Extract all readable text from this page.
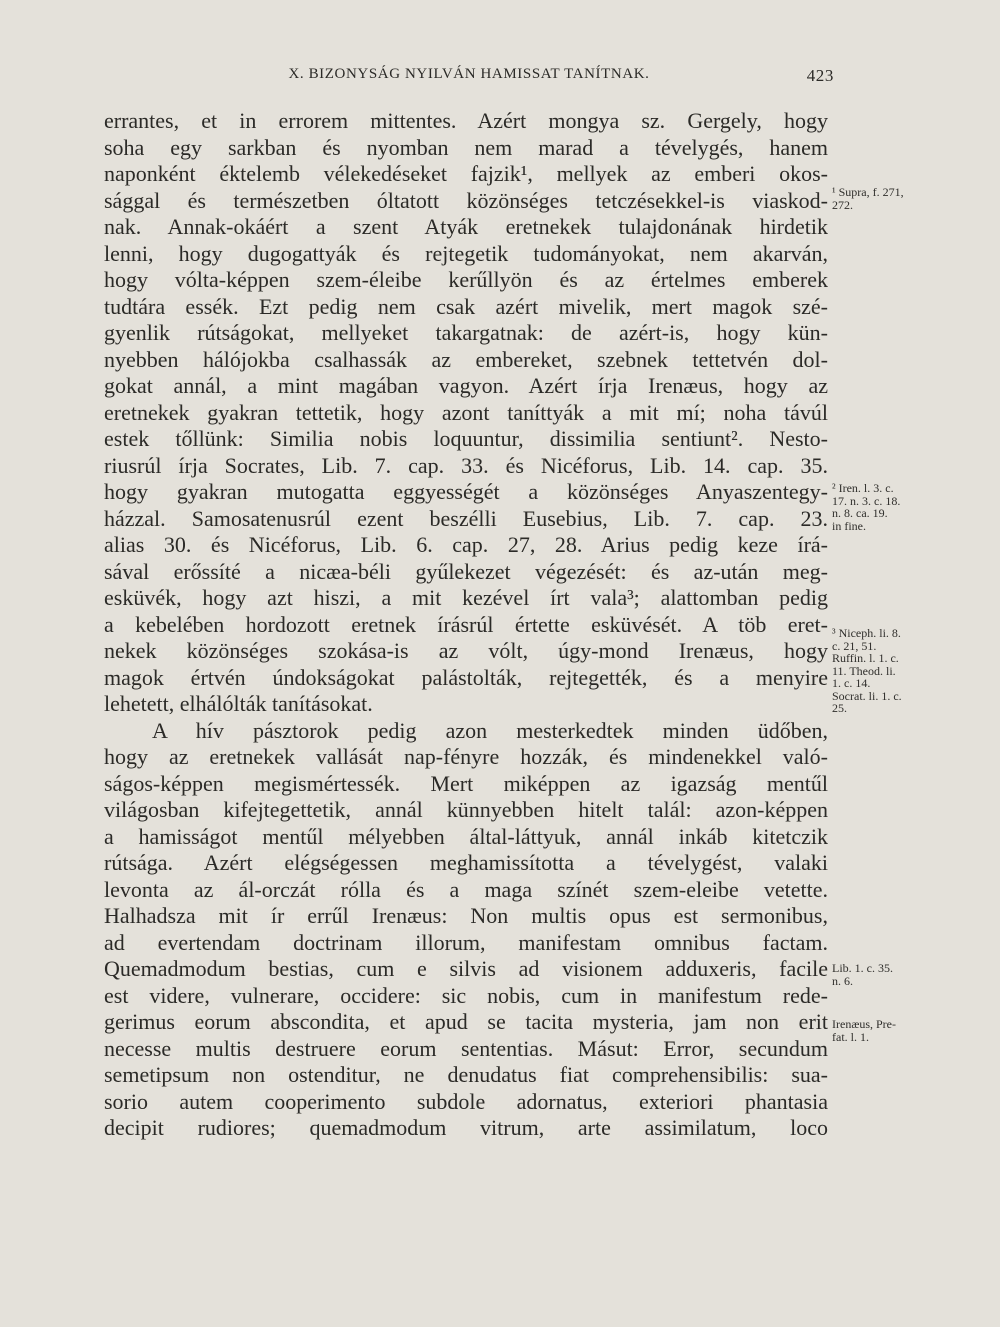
X. BIZONYSÁG NYILVÁN HAMISSAT TANÍTNAK.	423
errantes, et in errorem mittentes. Azért mongya sz. Gergely, hogy
soha egy sarkban és nyomban nem marad a tévelygés, hanem
naponként éktelemb vélekedéseket fajzik¹, mellyek az emberi okos-
sággal és természetben óltatott közönséges tetczésekkel-is viaskod-
nak. Annak-okáért a szent Atyák eretnekek tulajdonának hirdetik
lenni, hogy dugogattyák és rejtegetik tudományokat, nem akarván,
hogy vólta-képpen szem-éleibe kerűllyön és az értelmes emberek
tudtára essék. Ezt pedig nem csak azért mivelik, mert magok szé-
gyenlik rútságokat, mellyeket takargatnak: de azért-is, hogy kün-
nyebben hálójokba csalhassák az embereket, szebnek tettetvén dol-
gokat annál, a mint magában vagyon. Azért írja Irenæus, hogy az
eretnekek gyakran tettetik, hogy azont taníttyák a mit mí; noha távúl
estek tőllünk: Similia nobis loquuntur, dissimilia sentiunt². Nesto-
riusrúl írja Socrates, Lib. 7. cap. 33. és Nicéforus, Lib. 14. cap. 35.
hogy gyakran mutogatta eggyességét a közönséges Anyaszentegy-
házzal. Samosatenusrúl ezent beszélli Eusebius, Lib. 7. cap. 23.
alias 30. és Nicéforus, Lib. 6. cap. 27, 28. Arius pedig keze írá-
sával erőssíté a nicæa-béli gyűlekezet végezését: és az-után meg-
esküvék, hogy azt hiszi, a mit kezével írt vala³; alattomban pedig
a kebelében hordozott eretnek írásrúl értette esküvését. A töb eret-
nekek közönséges szokása-is az vólt, úgy-mond Irenæus, hogy
magok értvén úndokságokat palástolták, rejtegették, és a menyire
lehetett, elhálólták tanításokat.
A hív pásztorok pedig azon mesterkedtek minden üdőben,
hogy az eretnekek vallását nap-fényre hozzák, és mindenekkel való-
ságos-képpen megismértessék. Mert miképpen az igazság mentűl
világosban kifejtegettetik, annál künnyebben hitelt talál: azon-képpen
a hamisságot mentűl mélyebben által-láttyuk, annál inkáb kitetczik
rútsága. Azért elégségessen meghamissította a tévelygést, valaki
levonta az ál-orczát rólla és a maga színét szem-eleibe vetette.
Halhadsza mit ír errűl Irenæus: Non multis opus est sermonibus,
ad evertendam doctrinam illorum, manifestam omnibus factam.
Quemadmodum bestias, cum e silvis ad visionem adduxeris, facile
est videre, vulnerare, occidere: sic nobis, cum in manifestum rede-
gerimus eorum abscondita, et apud se tacita mysteria, jam non erit
necesse multis destruere eorum sententias. Másut: Error, secundum
semetipsum non ostenditur, ne denudatus fiat comprehensibilis: sua-
sorio autem cooperimento subdole adornatus, exteriori phantasia
decipit rudiores; quemadmodum vitrum, arte assimilatum, loco
¹ Supra, f. 271,
272.
² Iren. l. 3. c.
17. n. 3. c. 18.
n. 8. ca. 19.
in fine.
³ Niceph. li. 8.
c. 21, 51.
Ruffin. l. 1. c.
11. Theod. li.
1. c. 14.
Socrat. li. 1. c.
25.
Lib. 1. c. 35.
n. 6.
Irenæus, Pre-
fat. l. 1.
